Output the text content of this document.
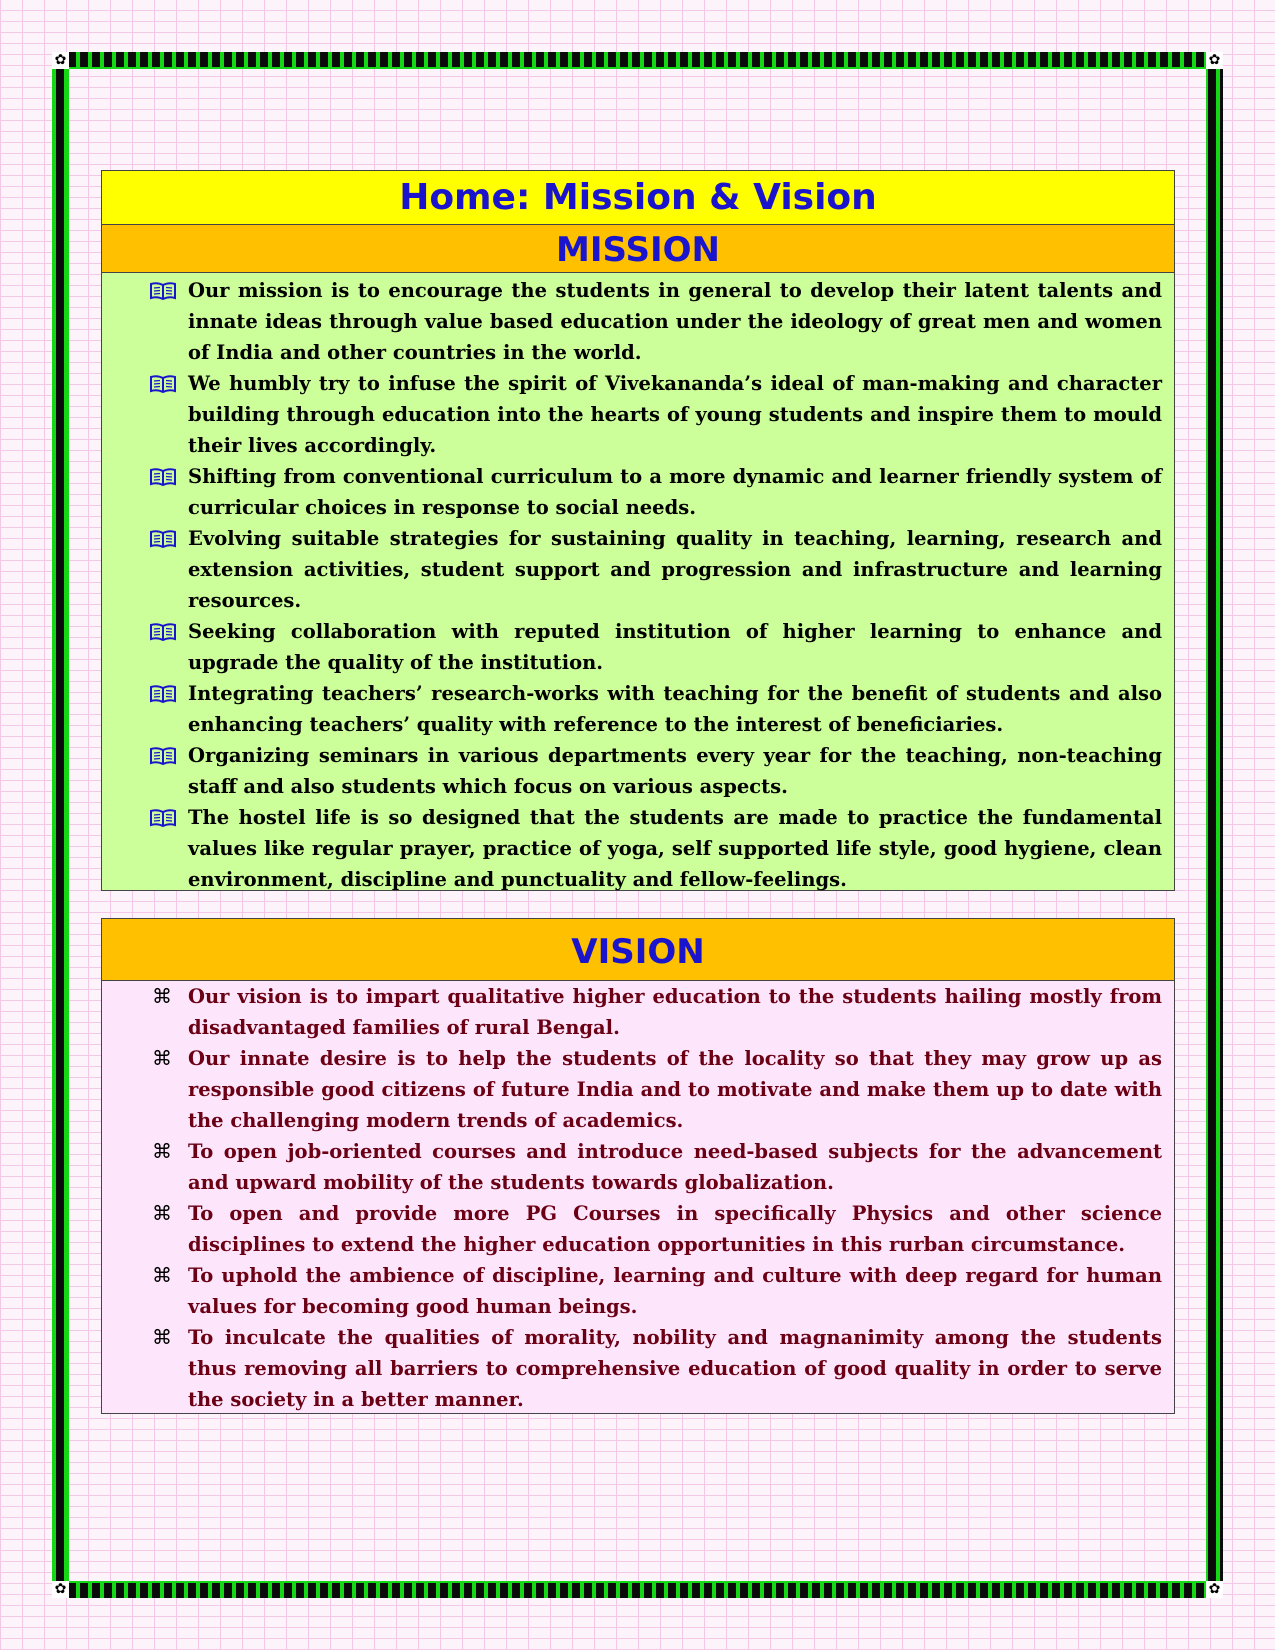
✿	✿
✿	✿
Home: Mission & Vision
MISSION
Our mission is to encourage the students in general to develop their latent talents and innate ideas through value based education under the ideology of great men and women of India and other countries in the world.
We humbly try to infuse the spirit of Vivekananda’s ideal of man-making and character building through education into the hearts of young students and inspire them to mould their lives accordingly.
Shifting from conventional curriculum to a more dynamic and learner friendly system of curricular choices in response to social needs.
Evolving suitable strategies for sustaining quality in teaching, learning, research and extension activities, student support and progression and infrastructure and learning resources.
Seeking collaboration with reputed institution of higher learning to enhance and upgrade the quality of the institution.
Integrating teachers’ research-works with teaching for the benefit of students and also enhancing teachers’ quality with reference to the interest of beneficiaries.
Organizing seminars in various departments every year for the teaching, non-teaching staff and also students which focus on various aspects.
The hostel life is so designed that the students are made to practice the fundamental values like regular prayer, practice of yoga, self supported life style, good hygiene, clean environment, discipline and punctuality and fellow-feelings.
VISION
⌘ Our vision is to impart qualitative higher education to the students hailing mostly from disadvantaged families of rural Bengal.
⌘ Our innate desire is to help the students of the locality so that they may grow up as responsible good citizens of future India and to motivate and make them up to date with the challenging modern trends of academics.
⌘ To open job-oriented courses and introduce need-based subjects for the advancement and upward mobility of the students towards globalization.
⌘ To open and provide more PG Courses in specifically Physics and other science disciplines to extend the higher education opportunities in this rurban circumstance.
⌘ To uphold the ambience of discipline, learning and culture with deep regard for human values for becoming good human beings.
⌘ To inculcate the qualities of morality, nobility and magnanimity among the students thus removing all barriers to comprehensive education of good quality in order to serve the society in a better manner.
